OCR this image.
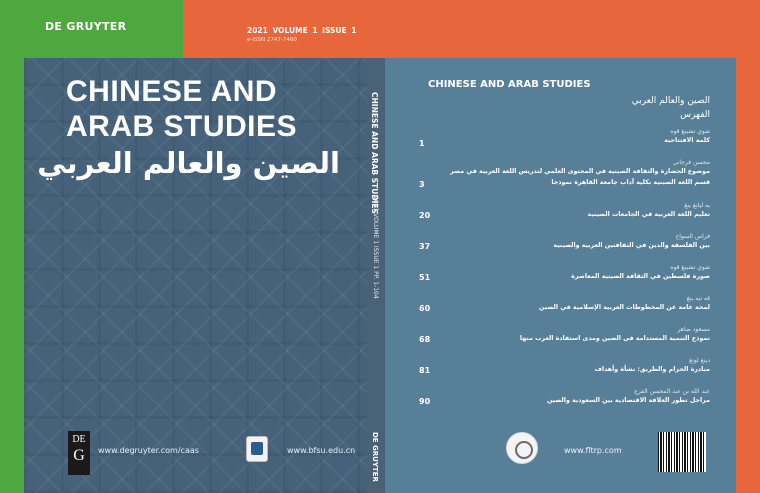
DE GRUYTER
CHINESE AND
ARAB STUDIES
الصين والعالم العربي
DE
G	www.degruyter.com/caas	www.bfsu.edu.cn
CHINESE AND ARAB STUDIES
2021 VOLUME 1 ISSUE 1 PP. 1-104
DE GRUYTER
2021 VOLUME 1 ISSUE 1
e-ISSN 2747-7460
CHINESE AND ARAB STUDIES
الصين والعالم العربي
الفهرس
شوي تشينغ قوه
كلمة الافتتاحية
1
محسن فرجاني
موضوع الحضارة والثقافة الصينية في المحتوى العلمي لتدريس اللغة العربية في مصر
قسم اللغة الصينية بكلية آداب جامعة القاهرة نموذجا
3
يه ليانغ ينغ
تعليم اللغة العربية في الجامعات الصينية
20
فراس السواح
بين الفلسفة والدين في الثقافتين العربية والصينية
37
شوي تشينغ قوه
صورة فلسطين في الثقافة الصينية المعاصرة
51
قه تيه ينغ
لمحة عامة عن المخطوطات العربية الإسلامية في الصين
60
مسعود ضاهر
نموذج التنمية المستدامة في الصين ومدى استفادة العرب منها
68
دينغ لونغ
مبادرة الحزام والطريق: نشأة وأهداف
81
عبد الله بن عبد المحسن الفرج
مراحل تطور العلاقة الاقتصادية بين السعودية والصين
90
www.fltrp.com
